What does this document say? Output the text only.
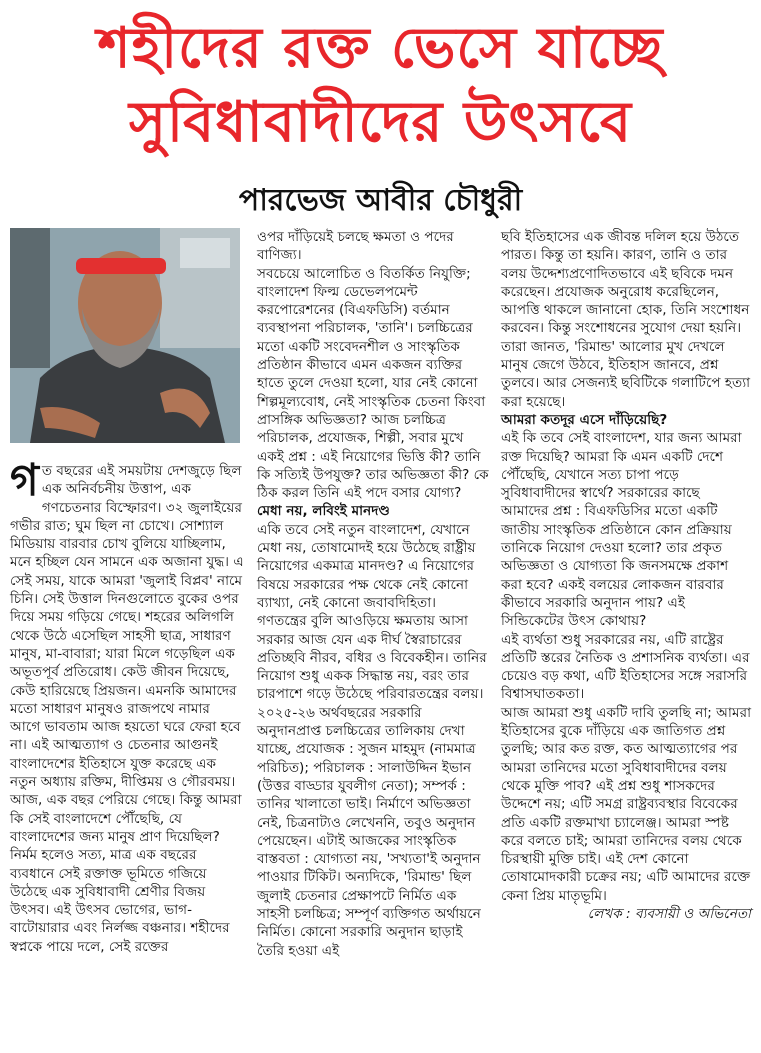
শহীদের রক্ত ভেসে যাচ্ছে
সুবিধাবাদীদের উৎসবে
পারভেজ আবীর চৌধুরী
গ ত বছরের এই সময়টায় দেশজুড়ে ছিল এক অনির্বচনীয় উত্তাপ, এক গণচেতনার বিস্ফোরণ। ৩২ জুলাইয়ের গভীর রাত; ঘুম ছিল না চোখে। সোশ্যাল মিডিয়ায় বারবার চোখ বুলিয়ে যাচ্ছিলাম, মনে হচ্ছিল যেন সামনে এক অজানা যুদ্ধ। এ সেই সময়, যাকে আমরা 'জুলাই বিপ্লব' নামে চিনি। সেই উত্তাল দিনগুলোতে বুকের ওপর দিয়ে সময় গড়িয়ে গেছে। শহরের অলিগলি থেকে উঠে এসেছিল সাহসী ছাত্র, সাধারণ মানুষ, মা-বাবারা; যারা মিলে গড়েছিল এক অভূতপূর্ব প্রতিরোধ। কেউ জীবন দিয়েছে, কেউ হারিয়েছে প্রিয়জন। এমনকি আমাদের মতো সাধারণ মানুষও রাজপথে নামার আগে ভাবতাম আজ হয়তো ঘরে ফেরা হবে না। এই আত্মত্যাগ ও চেতনার আগুনই বাংলাদেশের ইতিহাসে যুক্ত করেছে এক নতুন অধ্যায় রক্তিম, দীপ্তিময় ও গৌরবময়।

আজ, এক বছর পেরিয়ে গেছে। কিন্তু আমরা কি সেই বাংলাদেশে পৌঁছেছি, যে বাংলাদেশের জন্য মানুষ প্রাণ দিয়েছিল? নির্মম হলেও সত্য, মাত্র এক বছরের ব্যবধানে সেই রক্তাক্ত ভূমিতে গজিয়ে উঠেছে এক সুবিধাবাদী শ্রেণীর বিজয় উৎসব। এই উৎসব ভোগের, ভাগ-বাটোয়ারার এবং নির্লজ্জ বঞ্চনার। শহীদের স্বপ্নকে পায়ে দলে, সেই রক্তের

ওপর দাঁড়িয়েই চলছে ক্ষমতা ও পদের বাণিজ্য।

সবচেয়ে আলোচিত ও বিতর্কিত নিযুক্তি; বাংলাদেশ ফিল্ম ডেভেলপমেন্ট করপোরেশনের (বিএফডিসি) বর্তমান ব্যবস্থাপনা পরিচালক, 'তানি'। চলচ্চিত্রের মতো একটি সংবেদনশীল ও সাংস্কৃতিক প্রতিষ্ঠান কীভাবে এমন একজন ব্যক্তির হাতে তুলে দেওয়া হলো, যার নেই কোনো শিল্পমূল্যবোধ, নেই সাংস্কৃতিক চেতনা কিংবা প্রাসঙ্গিক অভিজ্ঞতা? আজ চলচ্চিত্র পরিচালক, প্রযোজক, শিল্পী, সবার মুখে একই প্রশ্ন : এই নিয়োগের ভিত্তি কী? তানি কি সত্যিই উপযুক্ত? তার অভিজ্ঞতা কী? কে ঠিক করল তিনি এই পদে বসার যোগ্য?

মেধা নয়, লবিংই মানদণ্ড

একি তবে সেই নতুন বাংলাদেশ, যেখানে মেধা নয়, তোষামোদই হয়ে উঠেছে রাষ্ট্রীয় নিয়োগের একমাত্র মানদণ্ড? এ নিয়োগের বিষয়ে সরকারের পক্ষ থেকে নেই কোনো ব্যাখ্যা, নেই কোনো জবাবদিহিতা। গণতন্ত্রের বুলি আওড়িয়ে ক্ষমতায় আসা সরকার আজ যেন এক দীর্ঘ স্বৈরাচারের প্রতিচ্ছবি নীরব, বধির ও বিবেকহীন। তানির নিয়োগ শুধু একক সিদ্ধান্ত নয়, বরং তার চারপাশে গড়ে উঠেছে পরিবারতন্ত্রের বলয়। ২০২৫-২৬ অর্থবছরের সরকারি অনুদানপ্রাপ্ত চলচ্চিত্রের তালিকায় দেখা যাচ্ছে, প্রযোজক : সুজন মাহমুদ (নামমাত্র পরিচিত); পরিচালক : সালাউদ্দিন ইভান (উত্তর বাড্ডার যুবলীগ নেতা); সম্পর্ক : তানির খালাতো ভাই। নির্মাণে অভিজ্ঞতা নেই, চিত্রনাট্যও লেখেননি, তবুও অনুদান পেয়েছেন। এটাই আজকের সাংস্কৃতিক বাস্তবতা : যোগ্যতা নয়, 'সখ্যতা'ই অনুদান পাওয়ার টিকিট। অন্যদিকে, 'রিমান্ড' ছিল জুলাই চেতনার প্রেক্ষাপটে নির্মিত এক সাহসী চলচ্চিত্র; সম্পূর্ণ ব্যক্তিগত অর্থায়নে নির্মিত। কোনো সরকারি অনুদান ছাড়াই তৈরি হওয়া এই

ছবি ইতিহাসের এক জীবন্ত দলিল হয়ে উঠতে পারত। কিন্তু তা হয়নি। কারণ, তানি ও তার বলয় উদ্দেশ্যপ্রণোদিতভাবে এই ছবিকে দমন করেছেন। প্রযোজক অনুরোধ করেছিলেন, আপত্তি থাকলে জানানো হোক, তিনি সংশোধন করবেন। কিন্তু সংশোধনের সুযোগ দেয়া হয়নি। তারা জানত, 'রিমান্ড' আলোর মুখ দেখলে মানুষ জেগে উঠবে, ইতিহাস জানবে, প্রশ্ন তুলবে। আর সেজন্যই ছবিটিকে গলাটিপে হত্যা করা হয়েছে।

আমরা কতদূর এসে দাঁড়িয়েছি?

এই কি তবে সেই বাংলাদেশ, যার জন্য আমরা রক্ত দিয়েছি? আমরা কি এমন একটি দেশে পৌঁছেছি, যেখানে সত্য চাপা পড়ে সুবিধাবাদীদের স্বার্থে? সরকারের কাছে আমাদের প্রশ্ন : বিএফডিসির মতো একটি জাতীয় সাংস্কৃতিক প্রতিষ্ঠানে কোন প্রক্রিয়ায় তানিকে নিয়োগ দেওয়া হলো? তার প্রকৃত অভিজ্ঞতা ও যোগ্যতা কি জনসমক্ষে প্রকাশ করা হবে? একই বলয়ের লোকজন বারবার কীভাবে সরকারি অনুদান পায়? এই সিন্ডিকেটের উৎস কোথায়?

এই ব্যর্থতা শুধু সরকারের নয়, এটি রাষ্ট্রের প্রতিটি স্তরের নৈতিক ও প্রশাসনিক ব্যর্থতা। এর চেয়েও বড় কথা, এটি ইতিহাসের সঙ্গে সরাসরি বিশ্বাসঘাতকতা।

আজ আমরা শুধু একটি দাবি তুলছি না; আমরা ইতিহাসের বুকে দাঁড়িয়ে এক জাতিগত প্রশ্ন তুলছি; আর কত রক্ত, কত আত্মত্যাগের পর আমরা তানিদের মতো সুবিধাবাদীদের বলয় থেকে মুক্তি পাব? এই প্রশ্ন শুধু শাসকদের উদ্দেশে নয়; এটি সমগ্র রাষ্ট্রব্যবস্থার বিবেকের প্রতি একটি রক্তমাখা চ্যালেঞ্জ। আমরা স্পষ্ট করে বলতে চাই; আমরা তানিদের বলয় থেকে চিরস্থায়ী মুক্তি চাই। এই দেশ কোনো তোষামোদকারী চক্রের নয়; এটি আমাদের রক্তে কেনা প্রিয় মাতৃভূমি।

লেখক : ব্যবসায়ী ও অভিনেতা
